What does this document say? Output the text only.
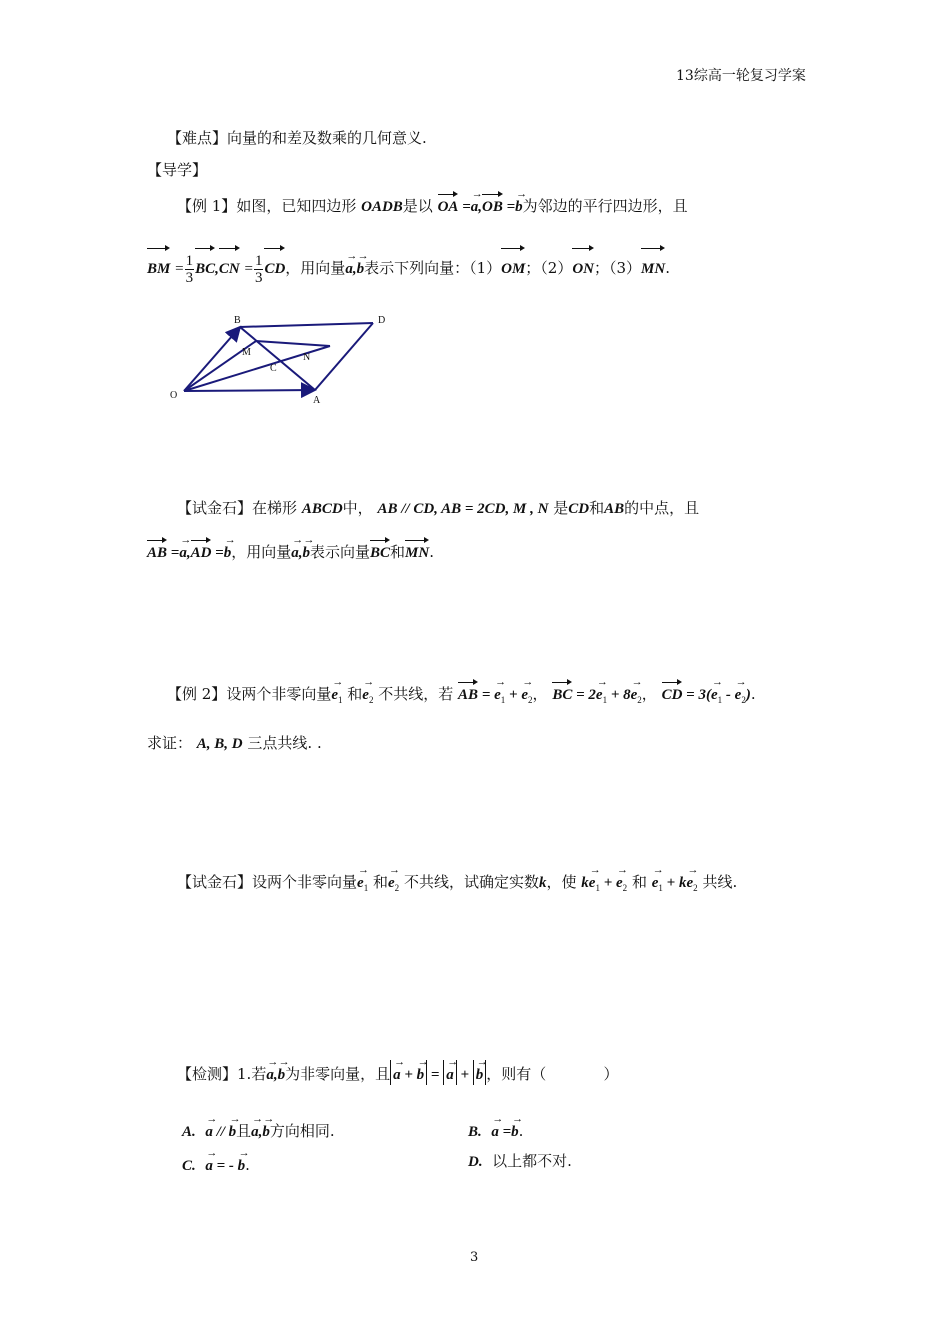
13综高一轮复习学案
【难点】向量的和差及数乘的几何意义.
【导学】
【例 1】如图，已知四边形 OADB是以 OA =a →,OB =b →为邻边的平行四边形，且
BM = $\frac{1}{3} BC,CN = \frac{1}{3}$ CD，用向量a →,b →表示下列向量：（1）OM；（2）ON；（3）MN.
B	D
M	N
C
O	A
【试金石】在梯形 ABCD中， AB // CD, AB = 2CD, M , N 是CD和AB的中点，且
AB =a →,AD =b →，用向量a →,b →表示向量BC和MN.
【例 2】设两个非零向量$e_1$ → 和$e_2$ → 不共线，若 AB = $e_1$ → + $e_2$ →， BC = $2e_1$ → + $8e_2$ →， CD = $3(e_1$ → - $e_2$ →).
求证： A, B, D 三点共线. .
【试金石】设两个非零向量$e_1$ → 和$e_2$ → 不共线，试确定实数k，使 $ke_1$ → + $e_2$ → 和 $e_1$ → + $ke_2$ → 共线.
【检测】1.若a →,b →为非零向量，且 a → + b → = a → + b → ，则有（	）
A. a → // b →且a →,b →方向相同.	B. a → =b →.
C. a → = - b →.	D. 以上都不对.
3
